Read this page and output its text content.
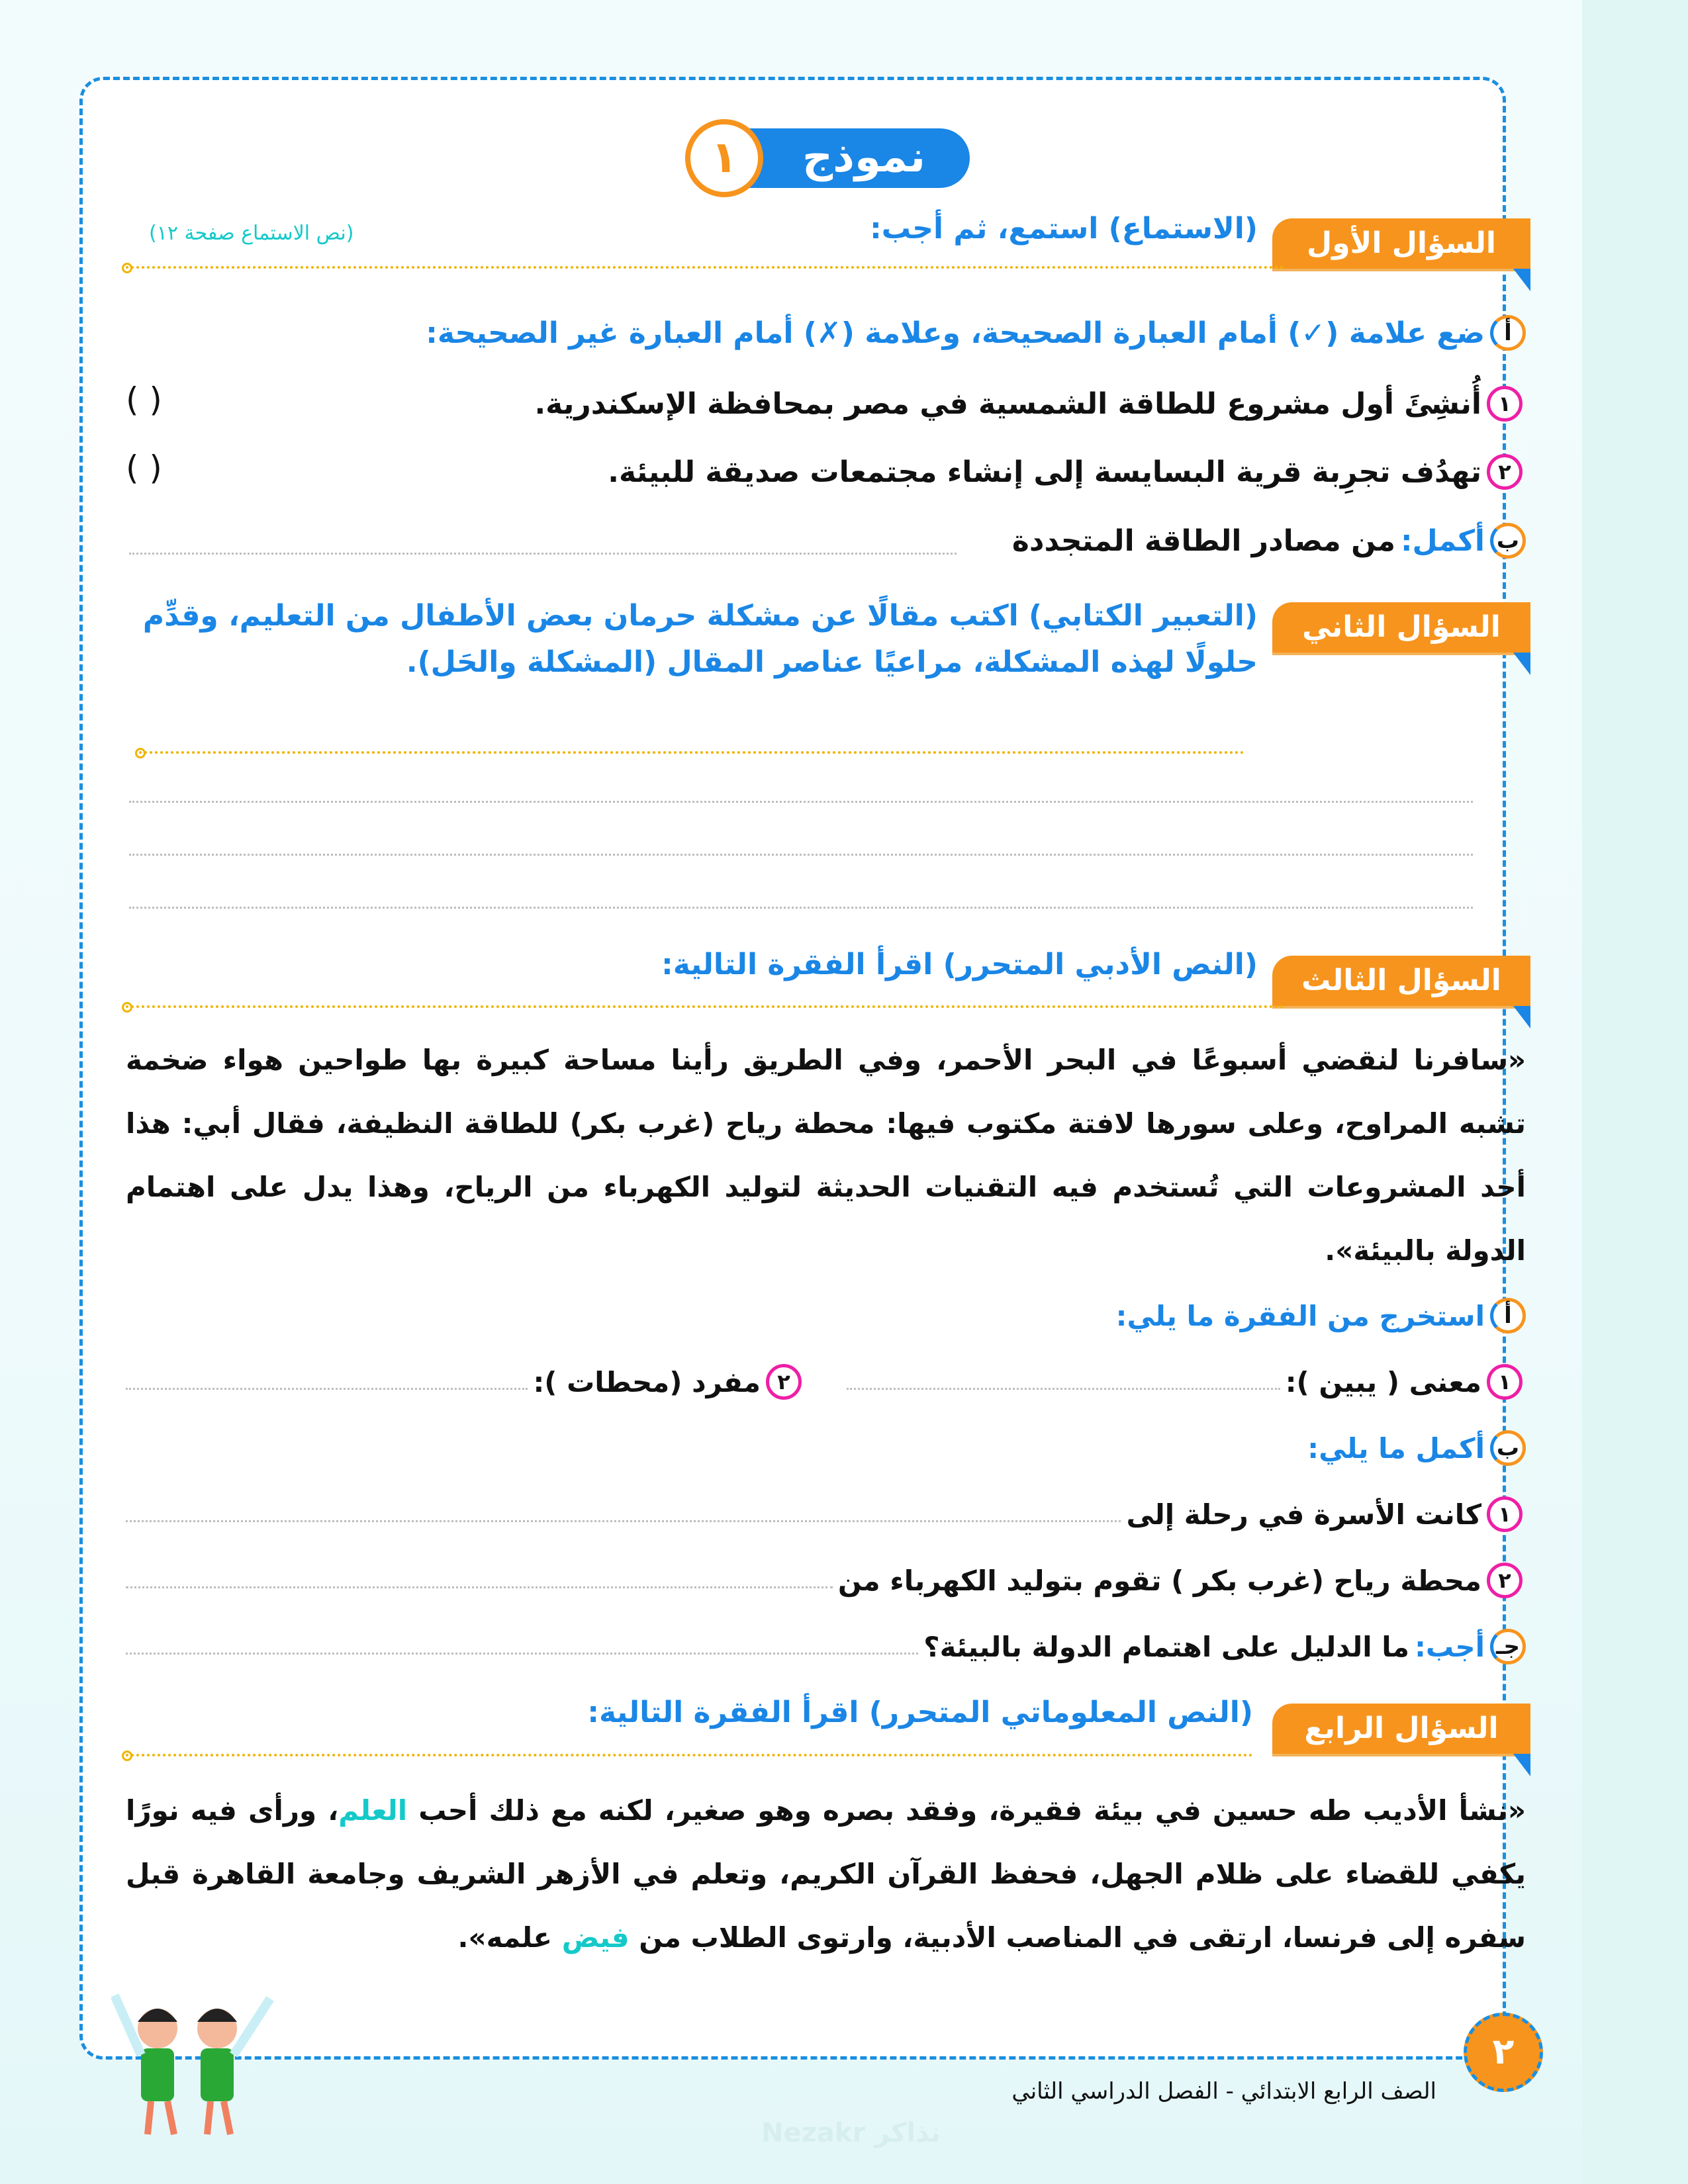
نموذج
١
السؤال الأول
(الاستماع) استمع، ثم أجب:
(نص الاستماع صفحة ١٢)
أ
ضع علامة (✓) أمام العبارة الصحيحة، وعلامة (✗) أمام العبارة غير الصحيحة:
١
أُنشِئَ أول مشروع للطاقة الشمسية في مصر بمحافظة الإسكندرية.
( )
٢
تهدُف تجرِبة قرية البسايسة إلى إنشاء مجتمعات صديقة للبيئة.
( )
ب
أكمل:
من مصادر الطاقة المتجددة
السؤال الثاني
(التعبير الكتابي) اكتب مقالًا عن مشكلة حرمان بعض الأطفال من التعليم، وقدِّم
حلولًا لهذه المشكلة، مراعيًا عناصر المقال (المشكلة والحَل).
السؤال الثالث
(النص الأدبي المتحرر) اقرأ الفقرة التالية:
«سافرنا لنقضي أسبوعًا في البحر الأحمر، وفي الطريق رأينا مساحة كبيرة بها طواحين هواء ضخمة تشبه المراوح، وعلى سورها لافتة مكتوب فيها: محطة رياح (غرب بكر) للطاقة النظيفة، فقال أبي: هذا أحد المشروعات التي تُستخدم فيه التقنيات الحديثة لتوليد الكهرباء من الرياح، وهذا يدل على اهتمام الدولة بالبيئة».
أ
استخرج من الفقرة ما يلي:
١
معنى ( يبين ):
٢
مفرد (محطات ):
ب
أكمل ما يلي:
١
كانت الأسرة في رحلة إلى
٢
محطة رياح (غرب بكر ) تقوم بتوليد الكهرباء من
جـ
أجب:
ما الدليل على اهتمام الدولة بالبيئة؟
السؤال الرابع
(النص المعلوماتي المتحرر) اقرأ الفقرة التالية:
«نشأ الأديب طه حسين في بيئة فقيرة، وفقد بصره وهو صغير، لكنه مع ذلك أحب العلم، ورأى فيه نورًا يكفي للقضاء على ظلام الجهل، فحفظ القرآن الكريم، وتعلم في الأزهر الشريف وجامعة القاهرة قبل سفره إلى فرنسا، ارتقى في المناصب الأدبية، وارتوى الطلاب من فيض علمه».
Nezakr نذاكر
الصف الرابع الابتدائي - الفصل الدراسي الثاني
٢
